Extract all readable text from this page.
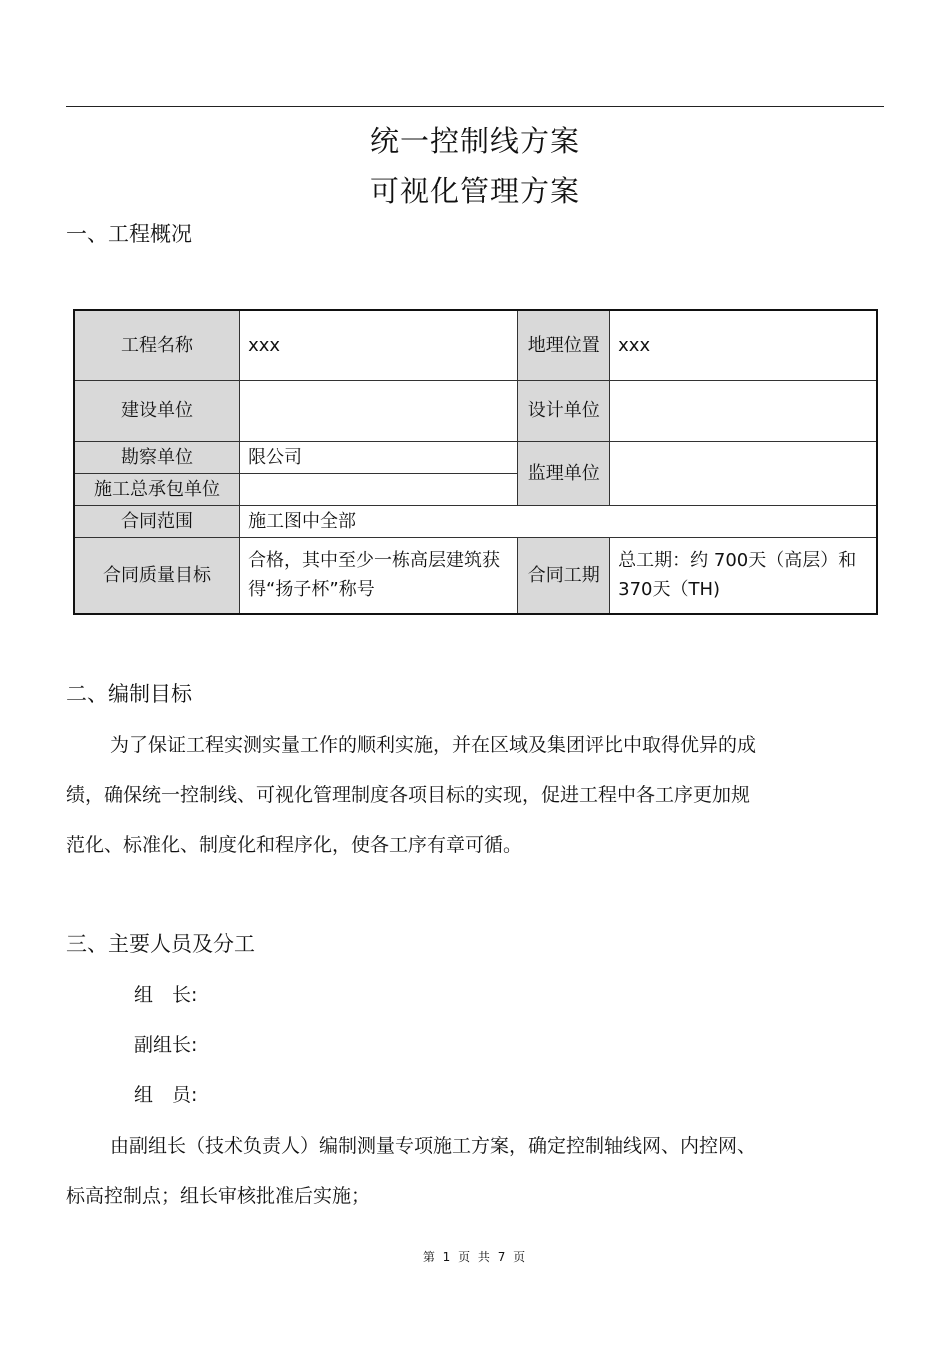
统一控制线方案
可视化管理方案
一、工程概况
工程名称	xxx	地理位置	xxx
建设单位		设计单位	
勘察单位	限公司	监理单位	
施工总承包单位			
合同范围	施工图中全部		
合同质量目标	合格，其中至少一栋高层建筑获得“扬子杯”称号	合同工期	总工期：约 700天（高层）和370天（TH)
二、编制目标
为了保证工程实测实量工作的顺利实施，并在区域及集团评比中取得优异的成
绩，确保统一控制线、可视化管理制度各项目标的实现，促进工程中各工序更加规
范化、标准化、制度化和程序化，使各工序有章可循。
三、主要人员及分工
组　长:
副组长:
组　员:
由副组长（技术负责人）编制测量专项施工方案，确定控制轴线网、内控网、
标高控制点；组长审核批准后实施；
第 1 页 共 7 页
